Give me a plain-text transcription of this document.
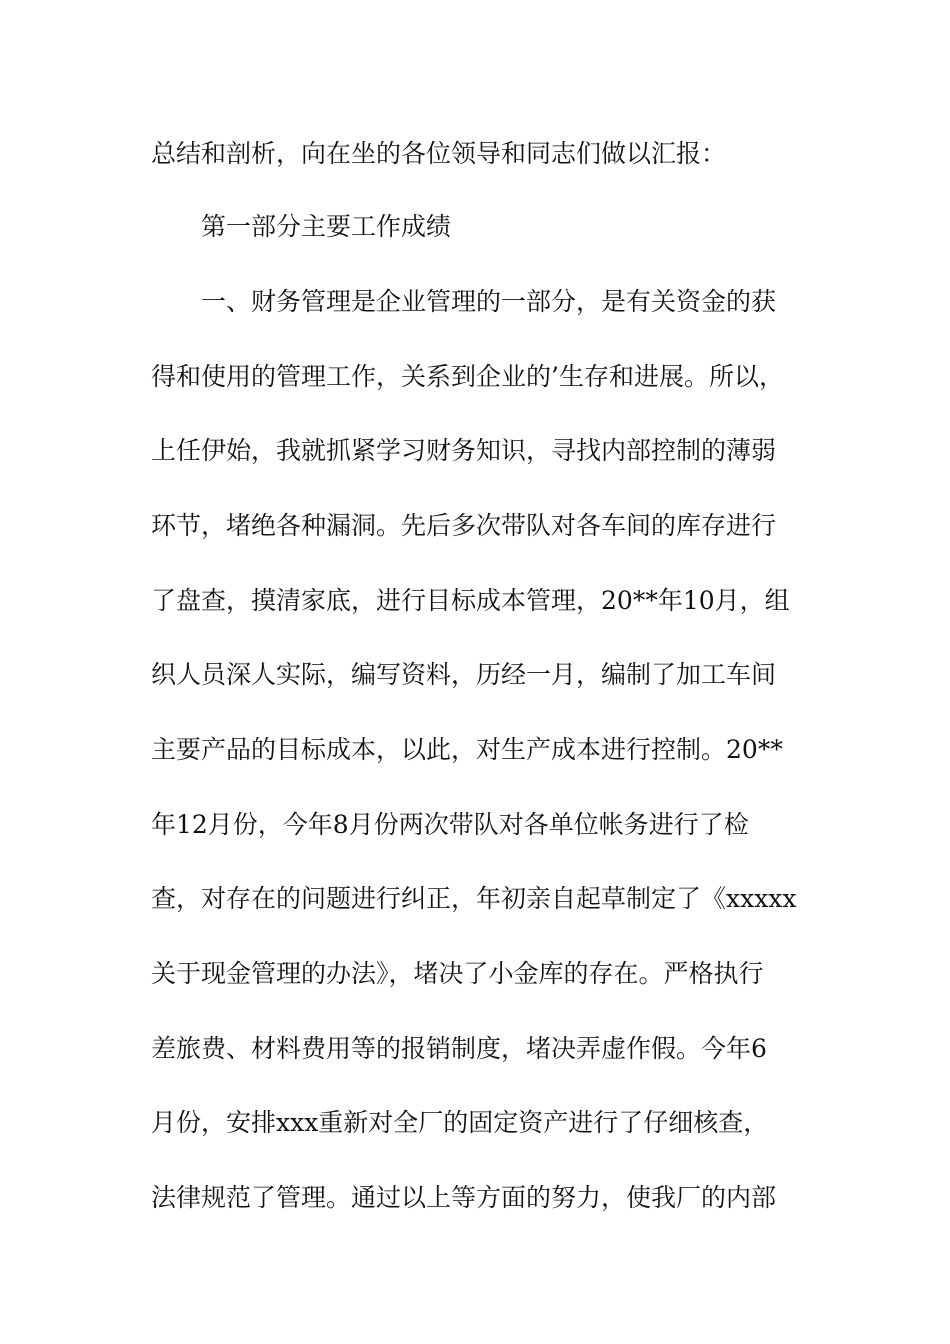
总结和剖析，向在坐的各位领导和同志们做以汇报：
第一部分主要工作成绩
一、财务管理是企业管理的一部分，是有关资金的获
得和使用的管理工作，关系到企业的’生存和进展。所以，
上任伊始，我就抓紧学习财务知识，寻找内部控制的薄弱
环节，堵绝各种漏洞。先后多次带队对各车间的库存进行
了盘查，摸清家底，进行目标成本管理，20**年10月，组
织人员深人实际，编写资料，历经一月，编制了加工车间
主要产品的目标成本，以此，对生产成本进行控制。20**
年12月份，今年8月份两次带队对各单位帐务进行了检
查，对存在的问题进行纠正，年初亲自起草制定了《xxxxx
关于现金管理的办法》，堵决了小金库的存在。严格执行
差旅费、材料费用等的报销制度，堵决弄虚作假。今年6
月份，安排xxx重新对全厂的固定资产进行了仔细核查，
法律规范了管理。通过以上等方面的努力，使我厂的内部
